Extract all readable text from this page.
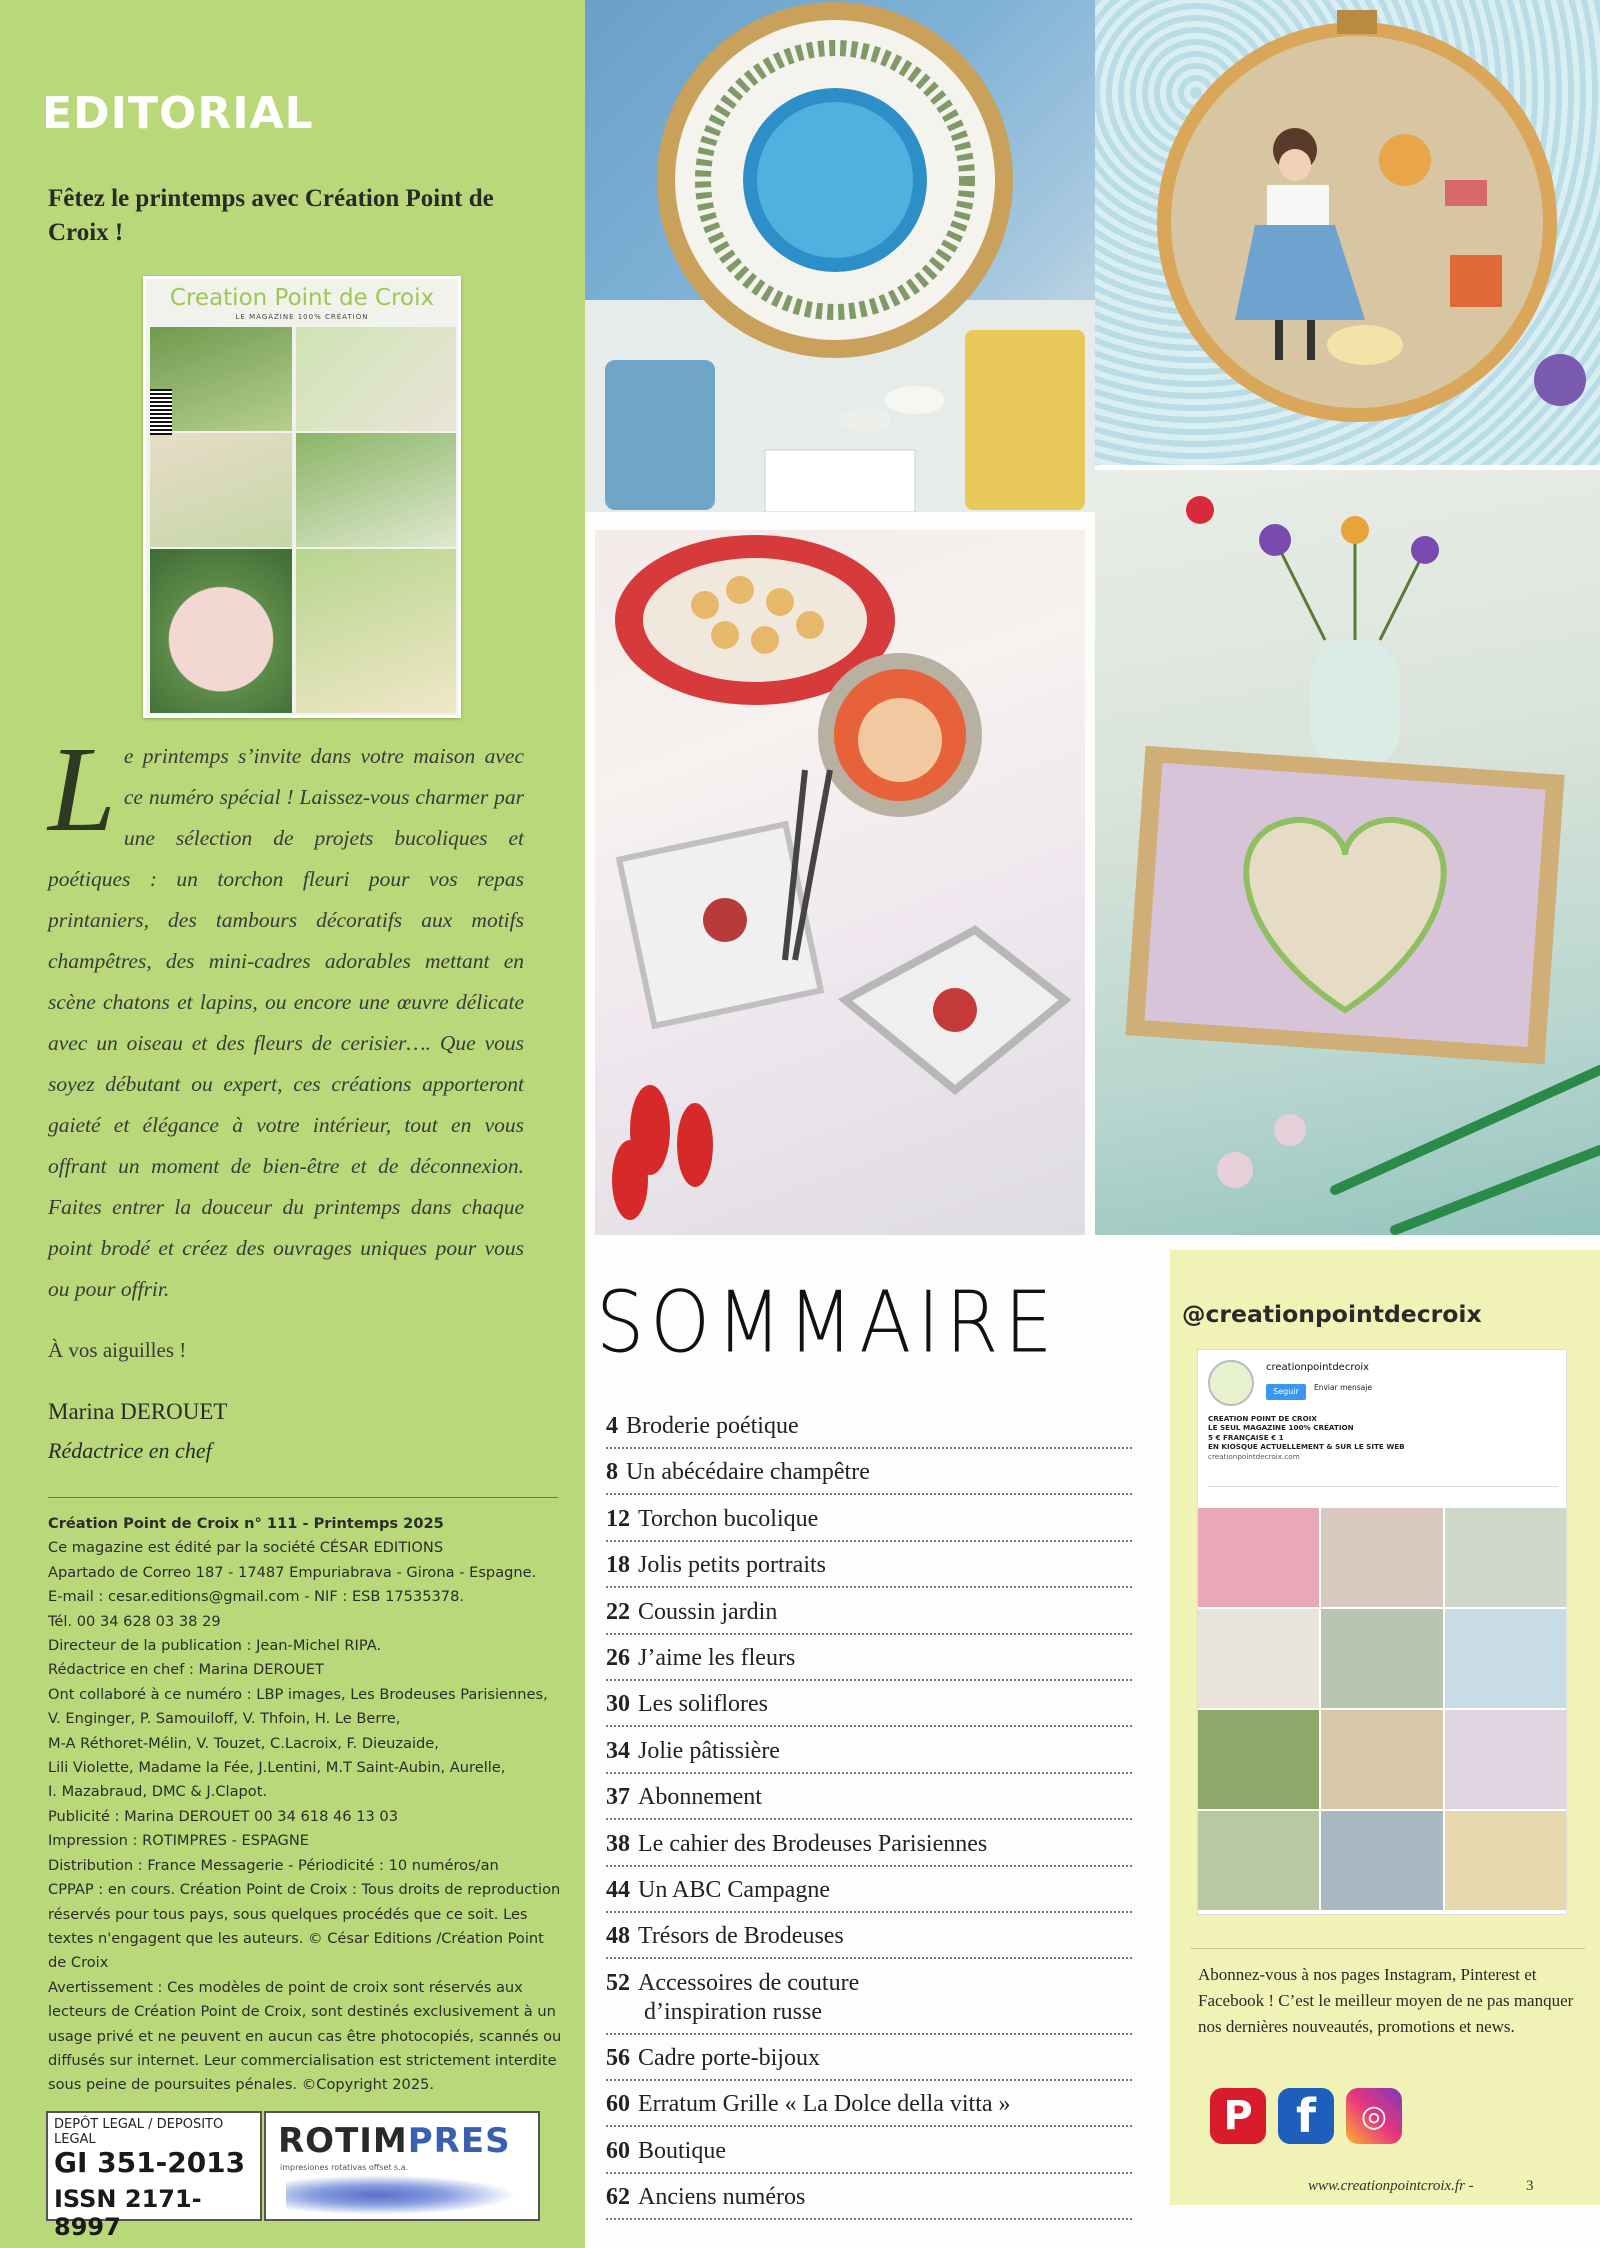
EDITORIAL
Fêtez le printemps avec Création Point de Croix !
Creation Point de Croix
LE MAGAZINE 100% CRÉATION
Le printemps s’invite dans votre maison avec ce numéro spécial ! Laissez-vous charmer par une sélection de projets bucoliques et poétiques : un torchon fleuri pour vos repas printaniers, des tambours décoratifs aux motifs champêtres, des mini-cadres adorables mettant en scène chatons et lapins, ou encore une œuvre délicate avec un oiseau et des fleurs de cerisier…. Que vous soyez débutant ou expert, ces créations apporteront gaieté et élégance à votre intérieur, tout en vous offrant un moment de bien-être et de déconnexion. Faites entrer la douceur du printemps dans chaque point brodé et créez des ouvrages uniques pour vous ou pour offrir.
À vos aiguilles !
Marina DEROUET
Rédactrice en chef

Création Point de Croix n° 111 - Printemps 2025

Ce magazine est édité par la société CÉSAR EDITIONS

Apartado de Correo 187 - 17487 Empuriabrava - Girona - Espagne.

E-mail : cesar.editions@gmail.com - NIF : ESB 17535378.

Tél. 00 34 628 03 38 29

Directeur de la publication : Jean-Michel RIPA.

Rédactrice en chef : Marina DEROUET

Ont collaboré à ce numéro : LBP images, Les Brodeuses Parisiennes,

V. Enginger, P. Samouiloff, V. Thfoin, H. Le Berre,

M-A Réthoret-Mélin, V. Touzet, C.Lacroix, F. Dieuzaide,

Lili Violette, Madame la Fée, J.Lentini, M.T Saint-Aubin, Aurelle,

I. Mazabraud, DMC & J.Clapot.

Publicité : Marina DEROUET 00 34 618 46 13 03

Impression : ROTIMPRES - ESPAGNE

Distribution : France Messagerie - Périodicité : 10 numéros/an

CPPAP : en cours. Création Point de Croix : Tous droits de reproduction

réservés pour tous pays, sous quelques procédés que ce soit. Les

textes n'engagent que les auteurs. © César Editions /Création Point

de Croix

Avertissement : Ces modèles de point de croix sont réservés aux

lecteurs de Création Point de Croix, sont destinés exclusivement à un

usage privé et ne peuvent en aucun cas être photocopiés, scannés ou

diffusés sur internet. Leur commercialisation est strictement interdite

sous peine de poursuites pénales. ©Copyright 2025.

DEPÔT LEGAL / DEPOSITO LEGAL
GI 351-2013
ISSN 2171-8997
ROTIMPRES
impresiones rotativas offset s.a.
SOMMAIRE
4 Broderie poétique
8 Un abécédaire champêtre
12 Torchon bucolique
18 Jolis petits portraits
22 Coussin jardin
26 J’aime les fleurs
30 Les soliflores
34 Jolie pâtissière
37 Abonnement
38 Le cahier des Brodeuses Parisiennes
44 Un ABC Campagne
48 Trésors de Brodeuses
52 Accessoires de couture
d’inspiration russe
56 Cadre porte-bijoux
60 Erratum Grille « La Dolce della vitta »
60 Boutique
62 Anciens numéros
@creationpointdecroix
creationpointdecroix
Seguir	Enviar mensaje
CREATION POINT DE CROIX
LE SEUL MAGAZINE 100% CRÉATION
5 € FRANÇAISE € 1
EN KIOSQUE ACTUELLEMENT & SUR LE SITE WEB
creationpointdecroix.com
Abonnez-vous à nos pages Instagram, Pinterest et Facebook ! C’est le meilleur moyen de ne pas manquer nos dernières nouveautés, promotions et news.
P f	◎
www.creationpointcroix.fr -	3
